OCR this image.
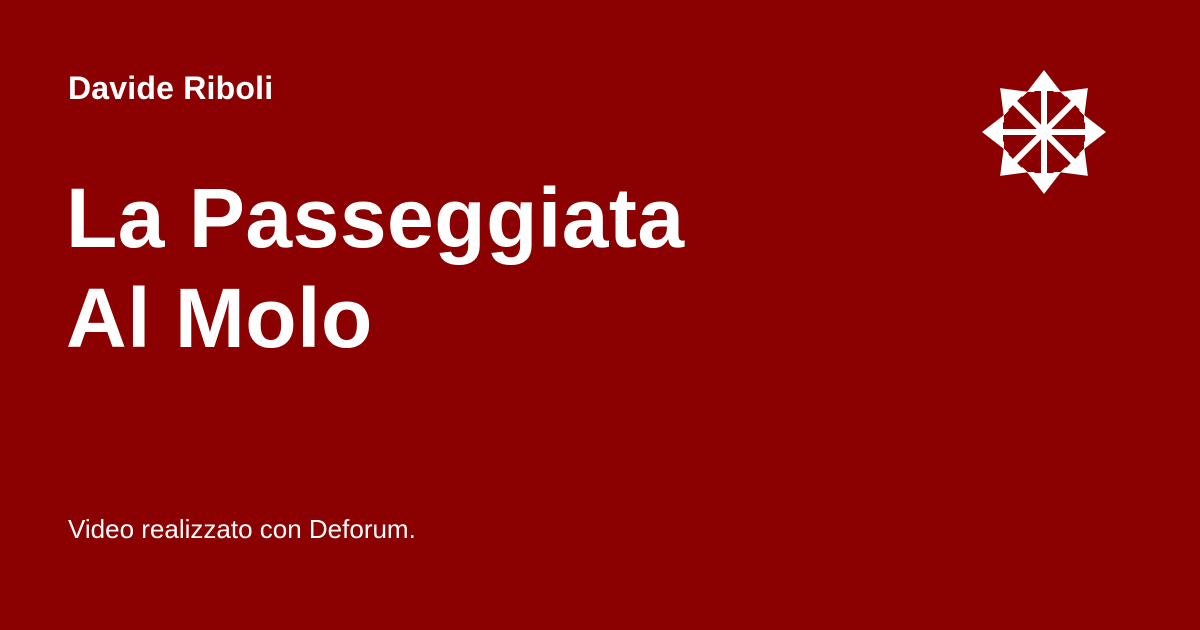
Davide Riboli
La Passeggiata
Al Molo
Video realizzato con Deforum.
